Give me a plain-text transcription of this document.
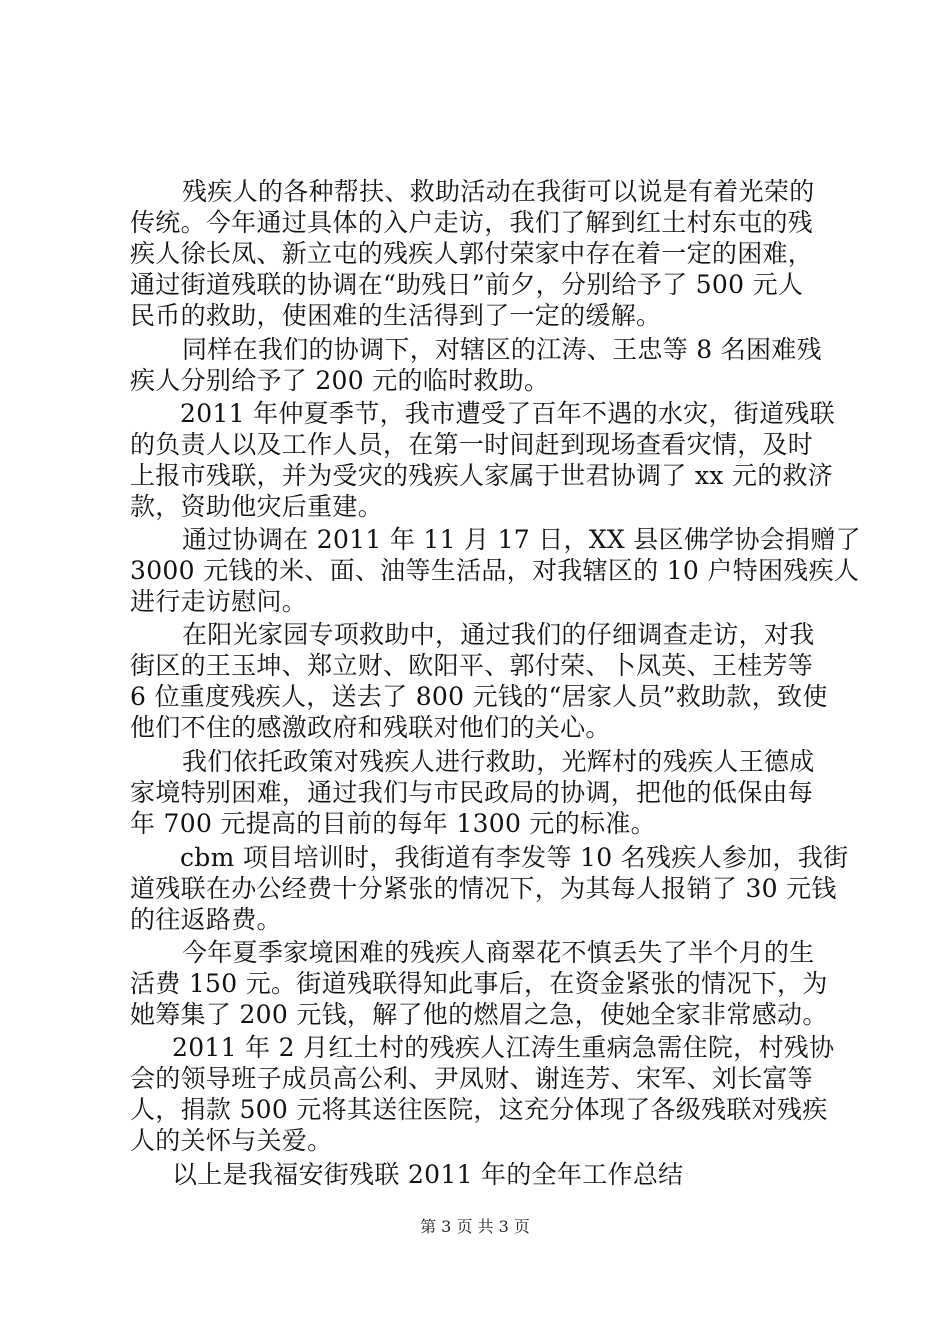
残疾人的各种帮扶、救助活动在我街可以说是有着光荣的
传统。今年通过具体的入户走访，我们了解到红土村东屯的残
疾人徐长凤、新立屯的残疾人郭付荣家中存在着一定的困难，
通过街道残联的协调在“助残日”前夕，分别给予了 500 元人
民币的救助，使困难的生活得到了一定的缓解。
同样在我们的协调下，对辖区的江涛、王忠等 8 名困难残
疾人分别给予了 200 元的临时救助。
2011 年仲夏季节，我市遭受了百年不遇的水灾，街道残联
的负责人以及工作人员，在第一时间赶到现场查看灾情，及时
上报市残联，并为受灾的残疾人家属于世君协调了 xx 元的救济
款，资助他灾后重建。
通过协调在 2011 年 11 月 17 日，XX 县区佛学协会捐赠了
3000 元钱的米、面、油等生活品，对我辖区的 10 户特困残疾人
进行走访慰问。
在阳光家园专项救助中，通过我们的仔细调查走访，对我
街区的王玉坤、郑立财、欧阳平、郭付荣、卜凤英、王桂芳等
6 位重度残疾人，送去了 800 元钱的“居家人员”救助款，致使
他们不住的感激政府和残联对他们的关心。
我们依托政策对残疾人进行救助，光辉村的残疾人王德成
家境特别困难，通过我们与市民政局的协调，把他的低保由每
年 700 元提高的目前的每年 1300 元的标准。
cbm 项目培训时，我街道有李发等 10 名残疾人参加，我街
道残联在办公经费十分紧张的情况下，为其每人报销了 30 元钱
的往返路费。
今年夏季家境困难的残疾人商翠花不慎丢失了半个月的生
活费 150 元。街道残联得知此事后，在资金紧张的情况下，为
她筹集了 200 元钱，解了他的燃眉之急，使她全家非常感动。
2011 年 2 月红土村的残疾人江涛生重病急需住院，村残协
会的领导班子成员高公利、尹凤财、谢连芳、宋军、刘长富等
人，捐款 500 元将其送往医院，这充分体现了各级残联对残疾
人的关怀与关爱。
以上是我福安街残联 2011 年的全年工作总结
第 3 页 共 3 页
